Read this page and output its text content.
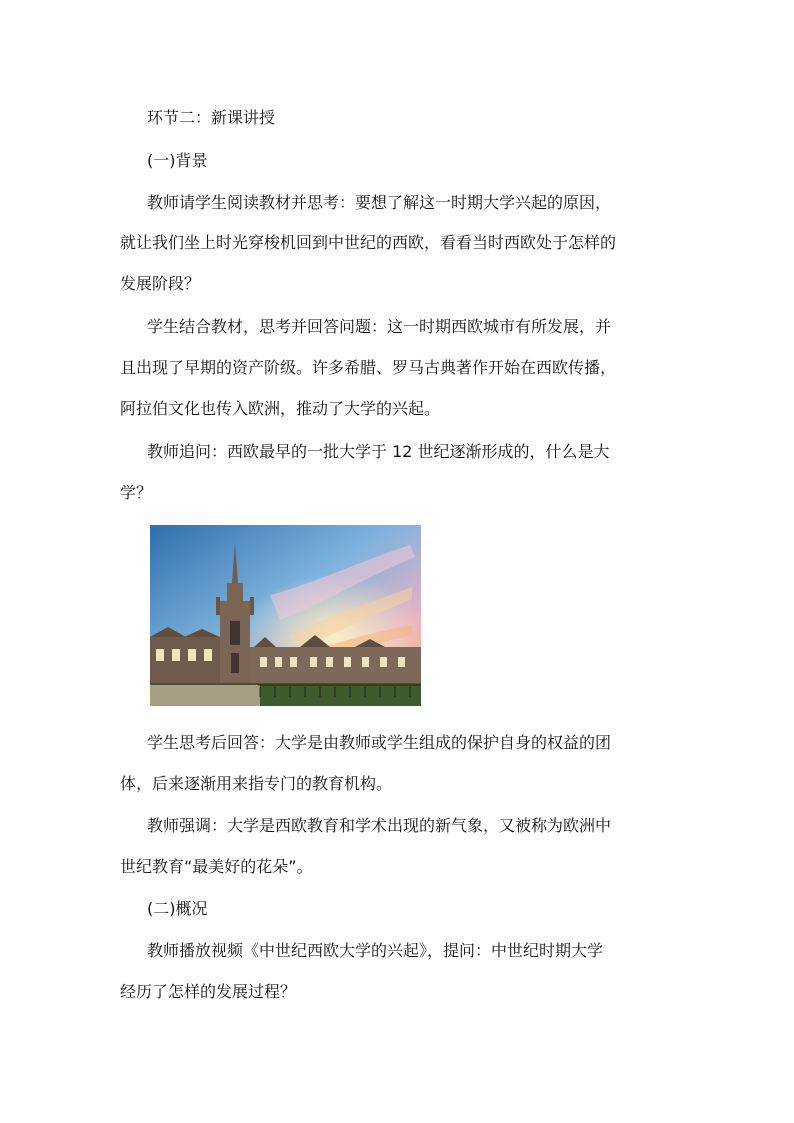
环节二：新课讲授
(一)背景
教师请学生阅读教材并思考：要想了解这一时期大学兴起的原因，
就让我们坐上时光穿梭机回到中世纪的西欧，看看当时西欧处于怎样的
发展阶段？
学生结合教材，思考并回答问题：这一时期西欧城市有所发展，并
且出现了早期的资产阶级。许多希腊、罗马古典著作开始在西欧传播，
阿拉伯文化也传入欧洲，推动了大学的兴起。
教师追问：西欧最早的一批大学于 12 世纪逐渐形成的，什么是大
学？
学生思考后回答：大学是由教师或学生组成的保护自身的权益的团
体，后来逐渐用来指专门的教育机构。
教师强调：大学是西欧教育和学术出现的新气象，又被称为欧洲中
世纪教育“最美好的花朵”。
(二)概况
教师播放视频《中世纪西欧大学的兴起》，提问：中世纪时期大学
经历了怎样的发展过程？
